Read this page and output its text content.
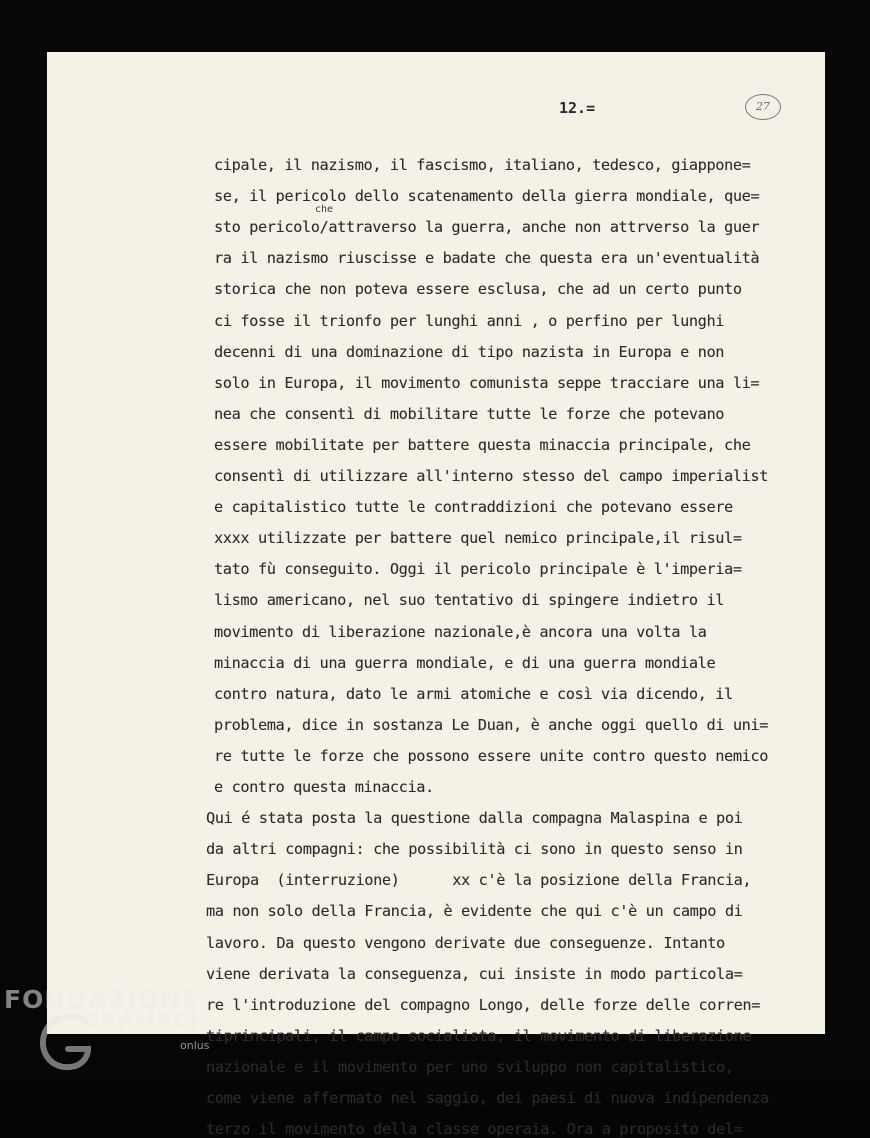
12.=	27
cipale, il nazismo, il fascismo, italiano, tedesco, giappone=
se, il pericolo dello scatenamento della gierra mondiale, que=
sto pericolo/attraverso la guerra, anche non attrverso la guer
ra il nazismo riuscisse e badate che questa era un'eventualità
storica che non poteva essere esclusa, che ad un certo punto
ci fosse il trionfo per lunghi anni , o perfino per lunghi
decenni di una dominazione di tipo nazista in Europa e non
solo in Europa, il movimento comunista seppe tracciare una li=
nea che consentì di mobilitare tutte le forze che potevano
essere mobilitate per battere questa minaccia principale, che
consentì di utilizzare all'interno stesso del campo imperialist
e capitalistico tutte le contraddizioni che potevano essere
xxxx utilizzate per battere quel nemico principale,il risul=
tato fù conseguito. Oggi il pericolo principale è l'imperia=
lismo americano, nel suo tentativo di spingere indietro il
movimento di liberazione nazionale,è ancora una volta la
minaccia di una guerra mondiale, e di una guerra mondiale
contro natura, dato le armi atomiche e così via dicendo, il
problema, dice in sostanza Le Duan, è anche oggi quello di uni=
re tutte le forze che possono essere unite contro questo nemico
e contro questa minaccia.
Qui é stata posta la questione dalla compagna Malaspina e poi
da altri compagni: che possibilità ci sono in questo senso in
Europa  (interruzione)      xx c'è la posizione della Francia,
ma non solo della Francia, è evidente che qui c'è un campo di
lavoro. Da questo vengono derivate due conseguenze. Intanto
viene derivata la conseguenza, cui insiste in modo particola=
re l'introduzione del compagno Longo, delle forze delle corren=
tiprincipali, il campo socialista, il movimento di liberazione
nazionale e il movimento per uno sviluppo non capitalistico,
come viene affermato nel saggio, dei paesi di nuova indipendenza
terzo il movimento della classe operaia. Ora a proposito del=
che
FONDAZIONE
GRAMSCI
onlus
